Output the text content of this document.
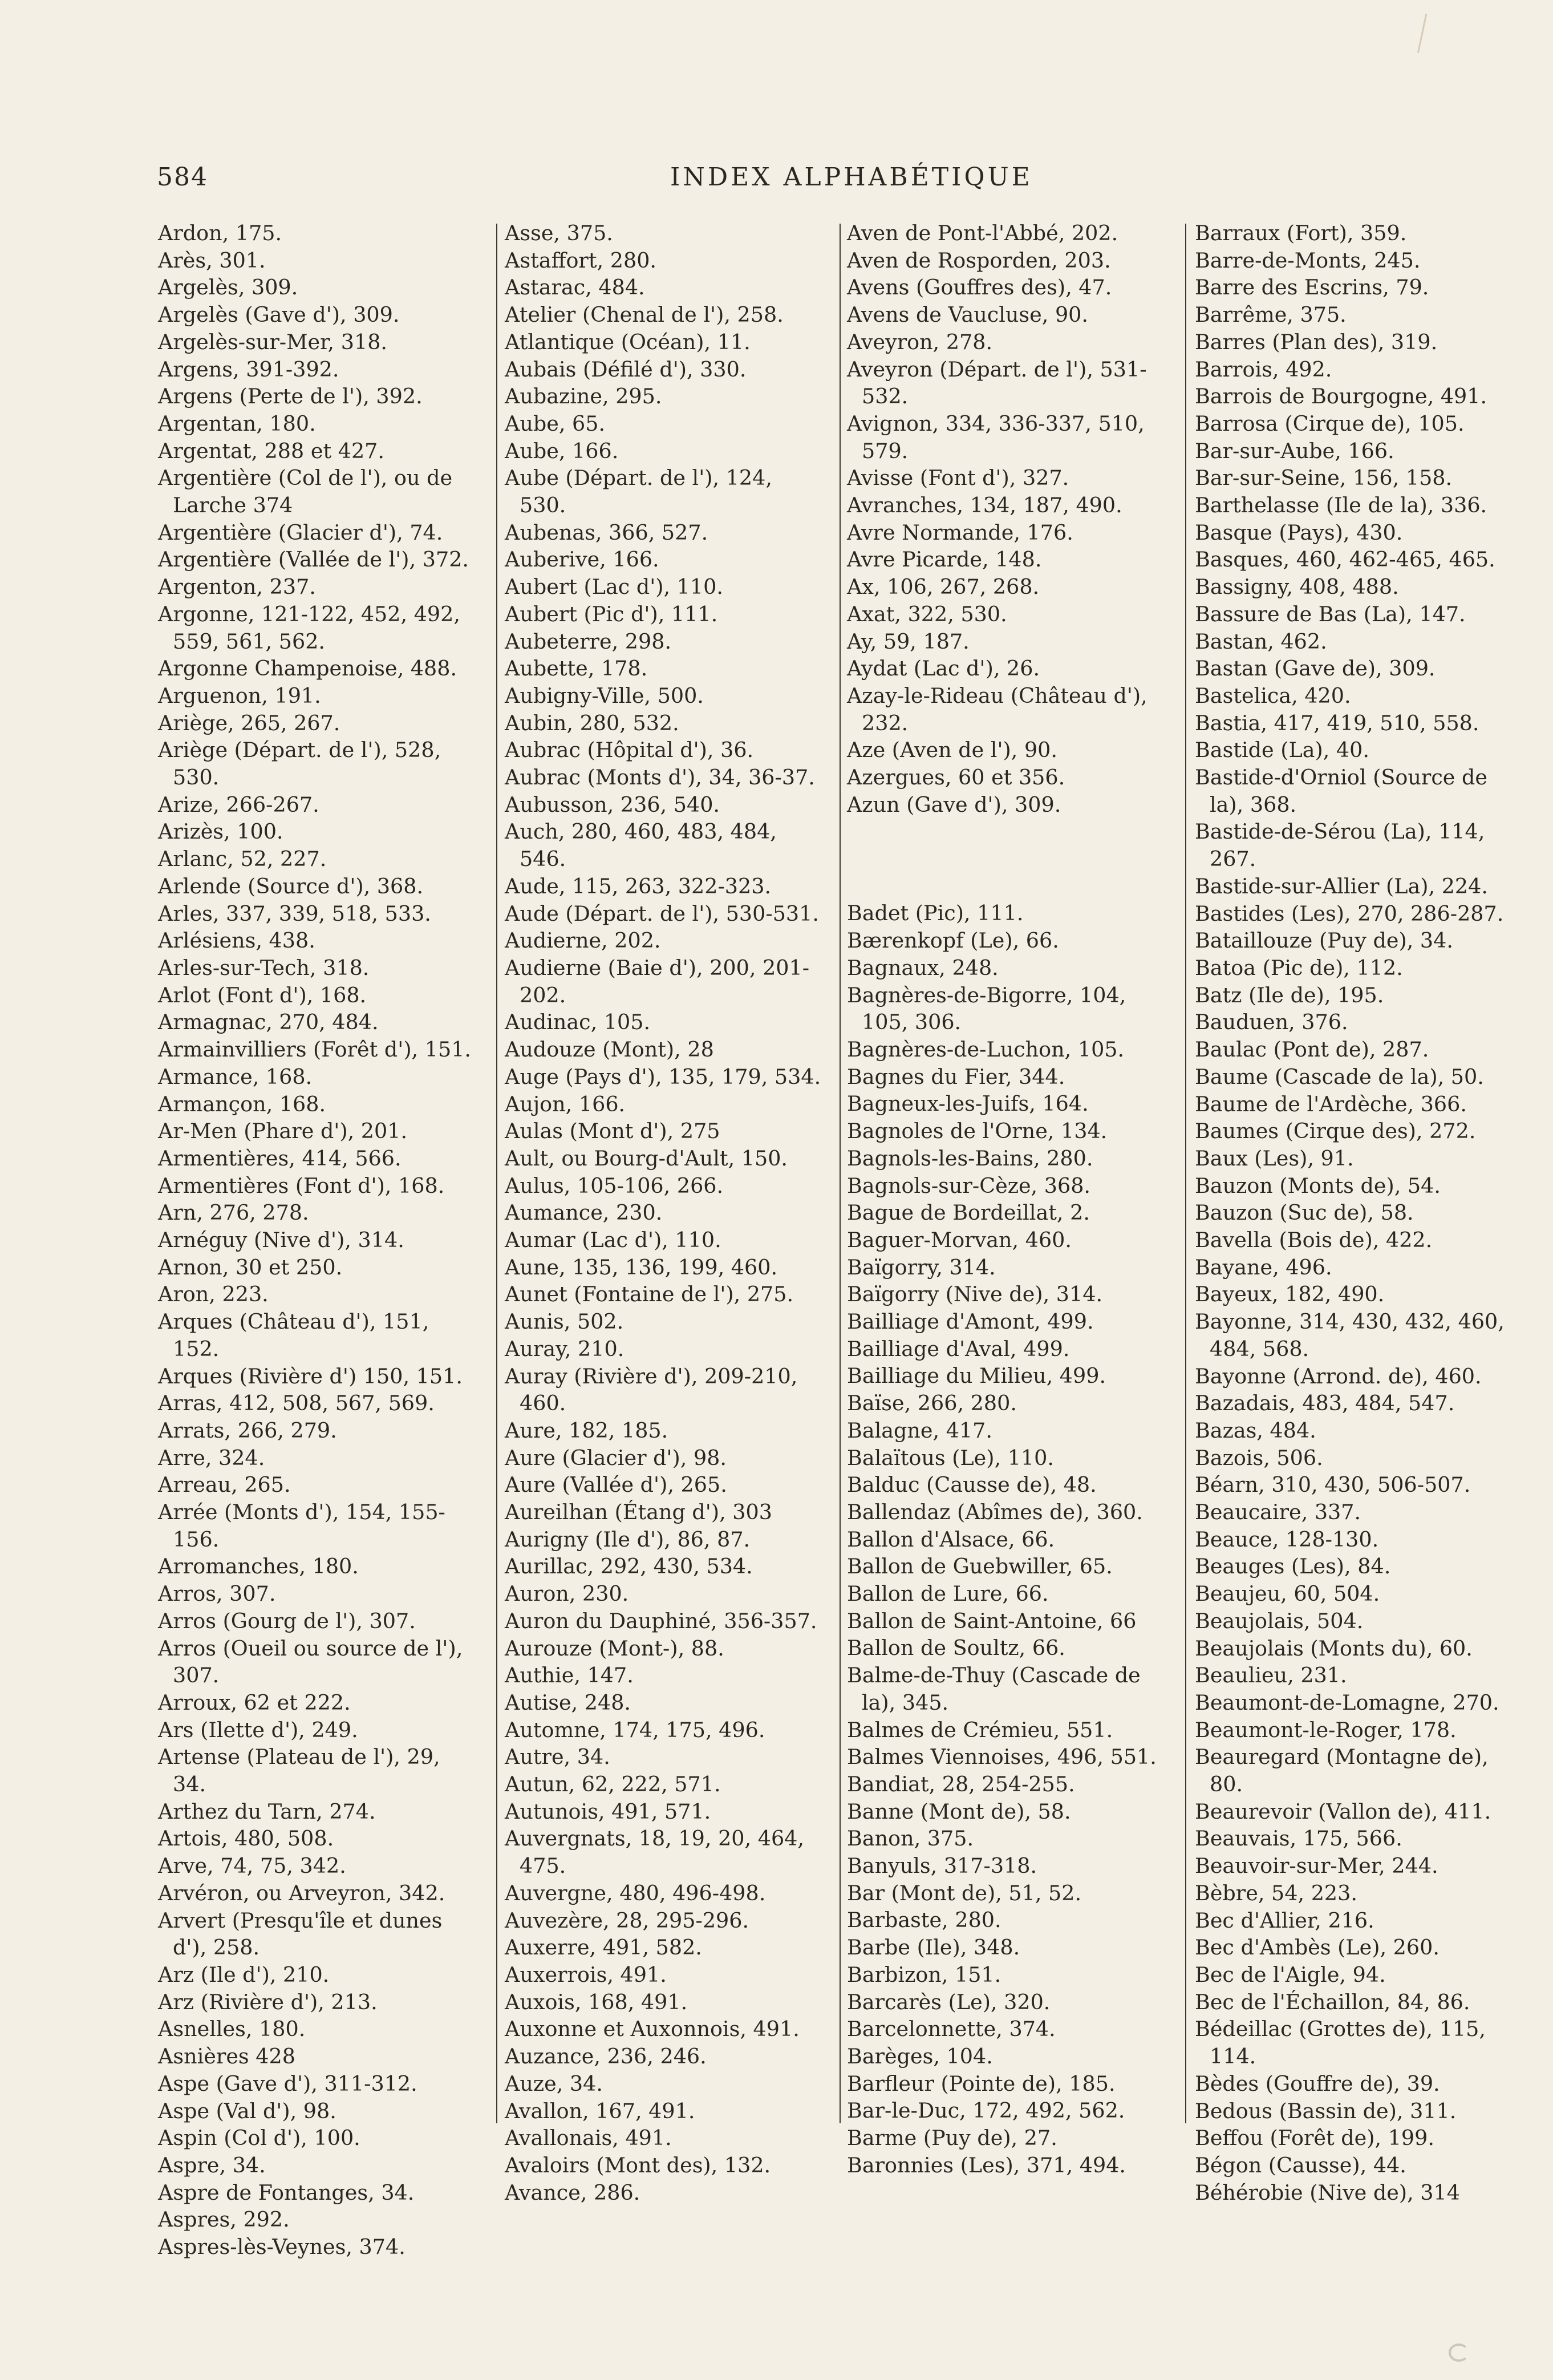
584	INDEX ALPHABÉTIQUE
Ardon, 175.
Arès, 301.
Argelès, 309.
Argelès (Gave d'), 309.
Argelès-sur-Mer, 318.
Argens, 391-392.
Argens (Perte de l'), 392.
Argentan, 180.
Argentat, 288 et 427.
Argentière (Col de l'), ou de Larche 374
Argentière (Glacier d'), 74.
Argentière (Vallée de l'), 372.
Argenton, 237.
Argonne, 121-122, 452, 492, 559, 561, 562.
Argonne Champenoise, 488.
Arguenon, 191.
Ariège, 265, 267.
Ariège (Départ. de l'), 528, 530.
Arize, 266-267.
Arizès, 100.
Arlanc, 52, 227.
Arlende (Source d'), 368.
Arles, 337, 339, 518, 533.
Arlésiens, 438.
Arles-sur-Tech, 318.
Arlot (Font d'), 168.
Armagnac, 270, 484.
Armainvilliers (Forêt d'), 151.
Armance, 168.
Armançon, 168.
Ar-Men (Phare d'), 201.
Armentières, 414, 566.
Armentières (Font d'), 168.
Arn, 276, 278.
Arnéguy (Nive d'), 314.
Arnon, 30 et 250.
Aron, 223.
Arques (Château d'), 151, 152.
Arques (Rivière d') 150, 151.
Arras, 412, 508, 567, 569.
Arrats, 266, 279.
Arre, 324.
Arreau, 265.
Arrée (Monts d'), 154, 155-156.
Arromanches, 180.
Arros, 307.
Arros (Gourg de l'), 307.
Arros (Oueil ou source de l'), 307.
Arroux, 62 et 222.
Ars (Ilette d'), 249.
Artense (Plateau de l'), 29, 34.
Arthez du Tarn, 274.
Artois, 480, 508.
Arve, 74, 75, 342.
Arvéron, ou Arveyron, 342.
Arvert (Presqu'île et dunes d'), 258.
Arz (Ile d'), 210.
Arz (Rivière d'), 213.
Asnelles, 180.
Asnières 428
Aspe (Gave d'), 311-312.
Aspe (Val d'), 98.
Aspin (Col d'), 100.
Aspre, 34.
Aspre de Fontanges, 34.
Aspres, 292.
Aspres-lès-Veynes, 374.
Asse, 375.
Astaffort, 280.
Astarac, 484.
Atelier (Chenal de l'), 258.
Atlantique (Océan), 11.
Aubais (Défilé d'), 330.
Aubazine, 295.
Aube, 65.
Aube, 166.
Aube (Départ. de l'), 124, 530.
Aubenas, 366, 527.
Auberive, 166.
Aubert (Lac d'), 110.
Aubert (Pic d'), 111.
Aubeterre, 298.
Aubette, 178.
Aubigny-Ville, 500.
Aubin, 280, 532.
Aubrac (Hôpital d'), 36.
Aubrac (Monts d'), 34, 36-37.
Aubusson, 236, 540.
Auch, 280, 460, 483, 484, 546.
Aude, 115, 263, 322-323.
Aude (Départ. de l'), 530-531.
Audierne, 202.
Audierne (Baie d'), 200, 201-202.
Audinac, 105.
Audouze (Mont), 28
Auge (Pays d'), 135, 179, 534.
Aujon, 166.
Aulas (Mont d'), 275
Ault, ou Bourg-d'Ault, 150.
Aulus, 105-106, 266.
Aumance, 230.
Aumar (Lac d'), 110.
Aune, 135, 136, 199, 460.
Aunet (Fontaine de l'), 275.
Aunis, 502.
Auray, 210.
Auray (Rivière d'), 209-210, 460.
Aure, 182, 185.
Aure (Glacier d'), 98.
Aure (Vallée d'), 265.
Aureilhan (Étang d'), 303
Aurigny (Ile d'), 86, 87.
Aurillac, 292, 430, 534.
Auron, 230.
Auron du Dauphiné, 356-357.
Aurouze (Mont-), 88.
Authie, 147.
Autise, 248.
Automne, 174, 175, 496.
Autre, 34.
Autun, 62, 222, 571.
Autunois, 491, 571.
Auvergnats, 18, 19, 20, 464, 475.
Auvergne, 480, 496-498.
Auvezère, 28, 295-296.
Auxerre, 491, 582.
Auxerrois, 491.
Auxois, 168, 491.
Auxonne et Auxonnois, 491.
Auzance, 236, 246.
Auze, 34.
Avallon, 167, 491.
Avallonais, 491.
Avaloirs (Mont des), 132.
Avance, 286.
Aven de Pont-l'Abbé, 202.
Aven de Rosporden, 203.
Avens (Gouffres des), 47.
Avens de Vaucluse, 90.
Aveyron, 278.
Aveyron (Départ. de l'), 531-532.
Avignon, 334, 336-337, 510, 579.
Avisse (Font d'), 327.
Avranches, 134, 187, 490.
Avre Normande, 176.
Avre Picarde, 148.
Ax, 106, 267, 268.
Axat, 322, 530.
Ay, 59, 187.
Aydat (Lac d'), 26.
Azay-le-Rideau (Château d'), 232.
Aze (Aven de l'), 90.
Azergues, 60 et 356.
Azun (Gave d'), 309.
Badet (Pic), 111.
Bærenkopf (Le), 66.
Bagnaux, 248.
Bagnères-de-Bigorre, 104, 105, 306.
Bagnères-de-Luchon, 105.
Bagnes du Fier, 344.
Bagneux-les-Juifs, 164.
Bagnoles de l'Orne, 134.
Bagnols-les-Bains, 280.
Bagnols-sur-Cèze, 368.
Bague de Bordeillat, 2.
Baguer-Morvan, 460.
Baïgorry, 314.
Baïgorry (Nive de), 314.
Bailliage d'Amont, 499.
Bailliage d'Aval, 499.
Bailliage du Milieu, 499.
Baïse, 266, 280.
Balagne, 417.
Balaïtous (Le), 110.
Balduc (Causse de), 48.
Ballendaz (Abîmes de), 360.
Ballon d'Alsace, 66.
Ballon de Guebwiller, 65.
Ballon de Lure, 66.
Ballon de Saint-Antoine, 66
Ballon de Soultz, 66.
Balme-de-Thuy (Cascade de la), 345.
Balmes de Crémieu, 551.
Balmes Viennoises, 496, 551.
Bandiat, 28, 254-255.
Banne (Mont de), 58.
Banon, 375.
Banyuls, 317-318.
Bar (Mont de), 51, 52.
Barbaste, 280.
Barbe (Ile), 348.
Barbizon, 151.
Barcarès (Le), 320.
Barcelonnette, 374.
Barèges, 104.
Barfleur (Pointe de), 185.
Bar-le-Duc, 172, 492, 562.
Barme (Puy de), 27.
Baronnies (Les), 371, 494.
Barraux (Fort), 359.
Barre-de-Monts, 245.
Barre des Escrins, 79.
Barrême, 375.
Barres (Plan des), 319.
Barrois, 492.
Barrois de Bourgogne, 491.
Barrosa (Cirque de), 105.
Bar-sur-Aube, 166.
Bar-sur-Seine, 156, 158.
Barthelasse (Ile de la), 336.
Basque (Pays), 430.
Basques, 460, 462-465, 465.
Bassigny, 408, 488.
Bassure de Bas (La), 147.
Bastan, 462.
Bastan (Gave de), 309.
Bastelica, 420.
Bastia, 417, 419, 510, 558.
Bastide (La), 40.
Bastide-d'Orniol (Source de la), 368.
Bastide-de-Sérou (La), 114, 267.
Bastide-sur-Allier (La), 224.
Bastides (Les), 270, 286-287.
Bataillouze (Puy de), 34.
Batoa (Pic de), 112.
Batz (Ile de), 195.
Bauduen, 376.
Baulac (Pont de), 287.
Baume (Cascade de la), 50.
Baume de l'Ardèche, 366.
Baumes (Cirque des), 272.
Baux (Les), 91.
Bauzon (Monts de), 54.
Bauzon (Suc de), 58.
Bavella (Bois de), 422.
Bayane, 496.
Bayeux, 182, 490.
Bayonne, 314, 430, 432, 460, 484, 568.
Bayonne (Arrond. de), 460.
Bazadais, 483, 484, 547.
Bazas, 484.
Bazois, 506.
Béarn, 310, 430, 506-507.
Beaucaire, 337.
Beauce, 128-130.
Beauges (Les), 84.
Beaujeu, 60, 504.
Beaujolais, 504.
Beaujolais (Monts du), 60.
Beaulieu, 231.
Beaumont-de-Lomagne, 270.
Beaumont-le-Roger, 178.
Beauregard (Montagne de), 80.
Beaurevoir (Vallon de), 411.
Beauvais, 175, 566.
Beauvoir-sur-Mer, 244.
Bèbre, 54, 223.
Bec d'Allier, 216.
Bec d'Ambès (Le), 260.
Bec de l'Aigle, 94.
Bec de l'Échaillon, 84, 86.
Bédeillac (Grottes de), 115, 114.
Bèdes (Gouffre de), 39.
Bedous (Bassin de), 311.
Beffou (Forêt de), 199.
Bégon (Causse), 44.
Béhérobie (Nive de), 314
